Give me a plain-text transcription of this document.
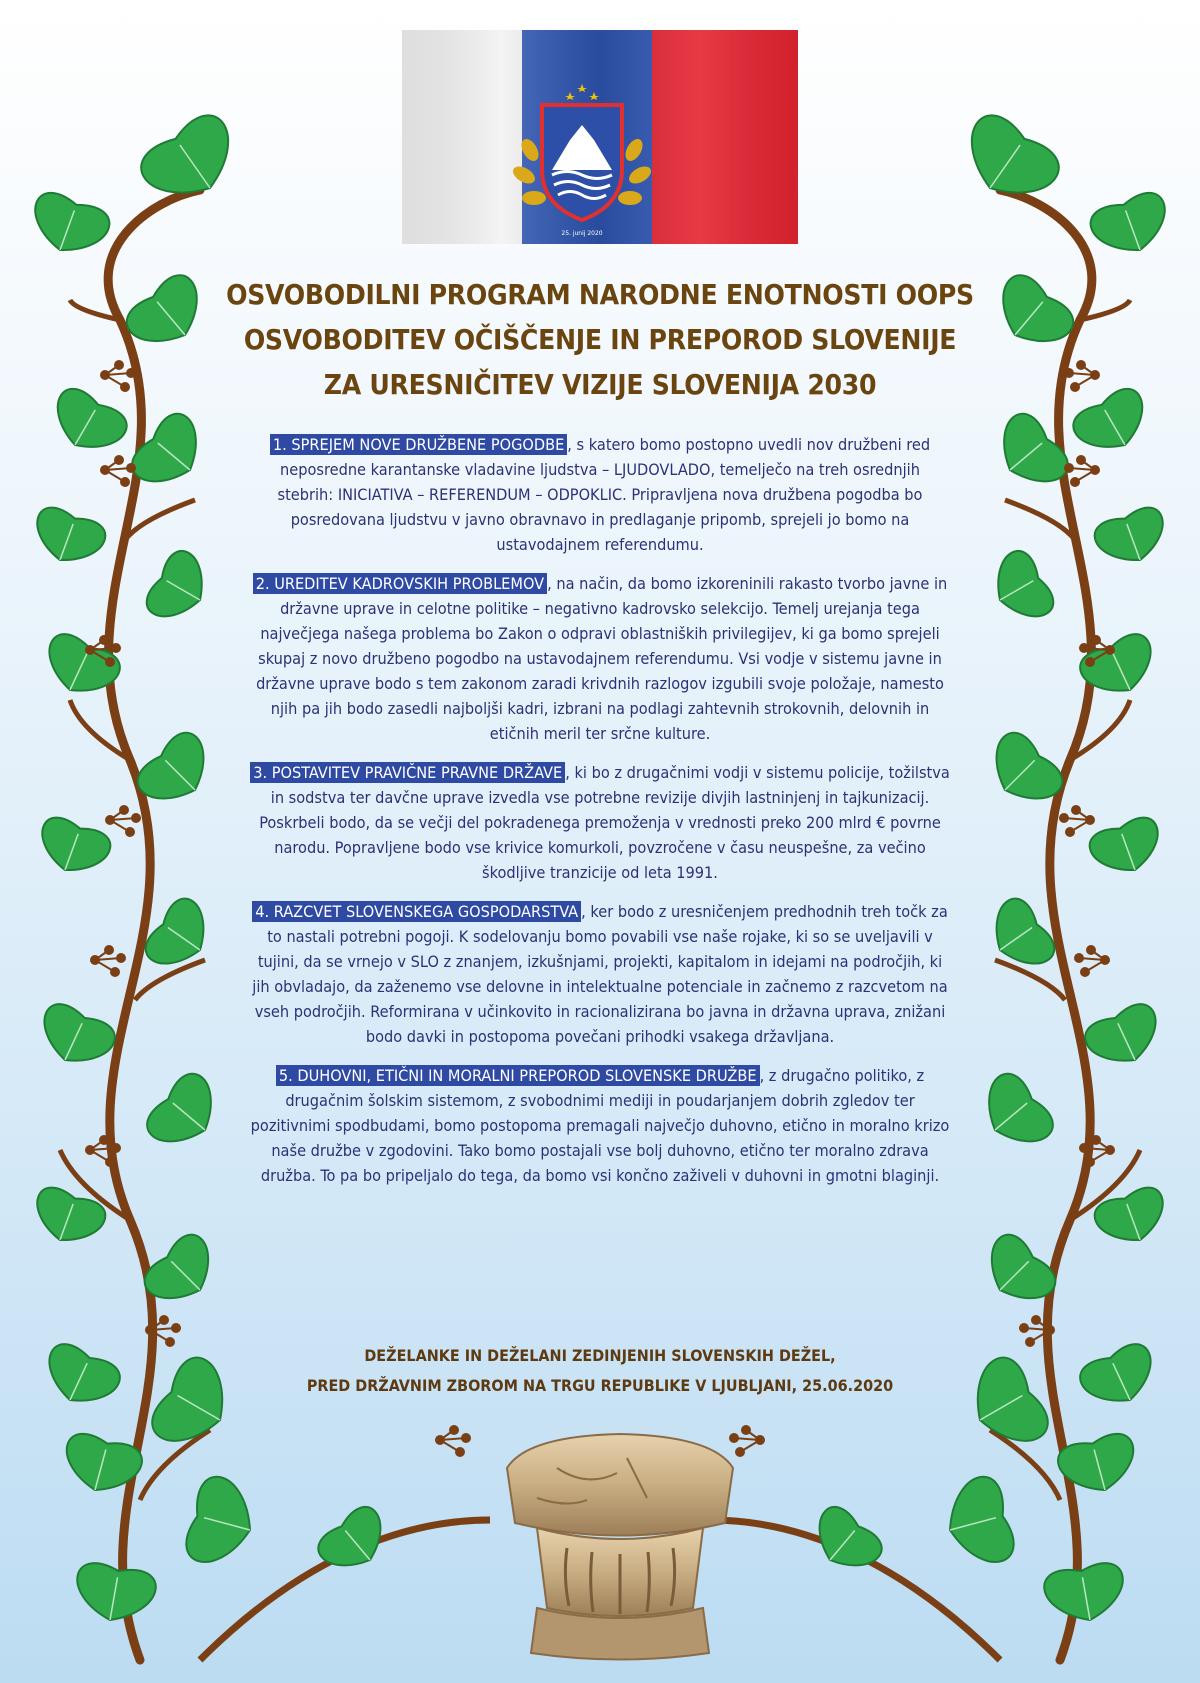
25. junij 2020
OSVOBODILNI PROGRAM NARODNE ENOTNOSTI OOPS
OSVOBODITEV OČIŠČENJE IN PREPOROD SLOVENIJE
ZA URESNIČITEV VIZIJE SLOVENIJA 2030

1. SPREJEM NOVE DRUŽBENE POGODBE , s katero bomo postopno uvedli nov družbeni red neposredne karantanske vladavine ljudstva – LJUDOVLADO, temelječo na treh osrednjih stebrih: INICIATIVA – REFERENDUM – ODPOKLIC. Pripravljena nova družbena pogodba bo posredovana ljudstvu v javno obravnavo in predlaganje pripomb, sprejeli jo bomo na ustavodajnem referendumu.

2. UREDITEV KADROVSKIH PROBLEMOV , na način, da bomo izkoreninili rakasto tvorbo javne in državne uprave in celotne politike – negativno kadrovsko selekcijo. Temelj urejanja tega največjega našega problema bo Zakon o odpravi oblastniških privilegijev, ki ga bomo sprejeli skupaj z novo družbeno pogodbo na ustavodajnem referendumu. Vsi vodje v sistemu javne in državne uprave bodo s tem zakonom zaradi krivdnih razlogov izgubili svoje položaje, namesto njih pa jih bodo zasedli najboljši kadri, izbrani na podlagi zahtevnih strokovnih, delovnih in etičnih meril ter srčne kulture.

3. POSTAVITEV PRAVIČNE PRAVNE DRŽAVE , ki bo z drugačnimi vodji v sistemu policije, tožilstva in sodstva ter davčne uprave izvedla vse potrebne revizije divjih lastninjenj in tajkunizacij. Poskrbeli bodo, da se večji del pokradenega premoženja v vrednosti preko 200 mlrd € povrne narodu. Popravljene bodo vse krivice komurkoli, povzročene v času neuspešne, za večino škodljive tranzicije od leta 1991.

4. RAZCVET SLOVENSKEGA GOSPODARSTVA , ker bodo z uresničenjem predhodnih treh točk za to nastali potrebni pogoji. K sodelovanju bomo povabili vse naše rojake, ki so se uveljavili v tujini, da se vrnejo v SLO z znanjem, izkušnjami, projekti, kapitalom in idejami na področjih, ki jih obvladajo, da zaženemo vse delovne in intelektualne potenciale in začnemo z razcvetom na vseh področjih. Reformirana v učinkovito in racionalizirana bo javna in državna uprava, znižani bodo davki in postopoma povečani prihodki vsakega državljana.

5. DUHOVNI, ETIČNI IN MORALNI PREPOROD SLOVENSKE DRUŽBE , z drugačno politiko, z drugačnim šolskim sistemom, z svobodnimi mediji in poudarjanjem dobrih zgledov ter pozitivnimi spodbudami, bomo postopoma premagali največjo duhovno, etično in moralno krizo naše družbe v zgodovini. Tako bomo postajali vse bolj duhovno, etično ter moralno zdrava družba. To pa bo pripeljalo do tega, da bomo vsi končno zaživeli v duhovni in gmotni blaginji.

DEŽELANKE IN DEŽELANI ZEDINJENIH SLOVENSKIH DEŽEL,
PRED DRŽAVNIM ZBOROM NA TRGU REPUBLIKE V LJUBLJANI, 25.06.2020
